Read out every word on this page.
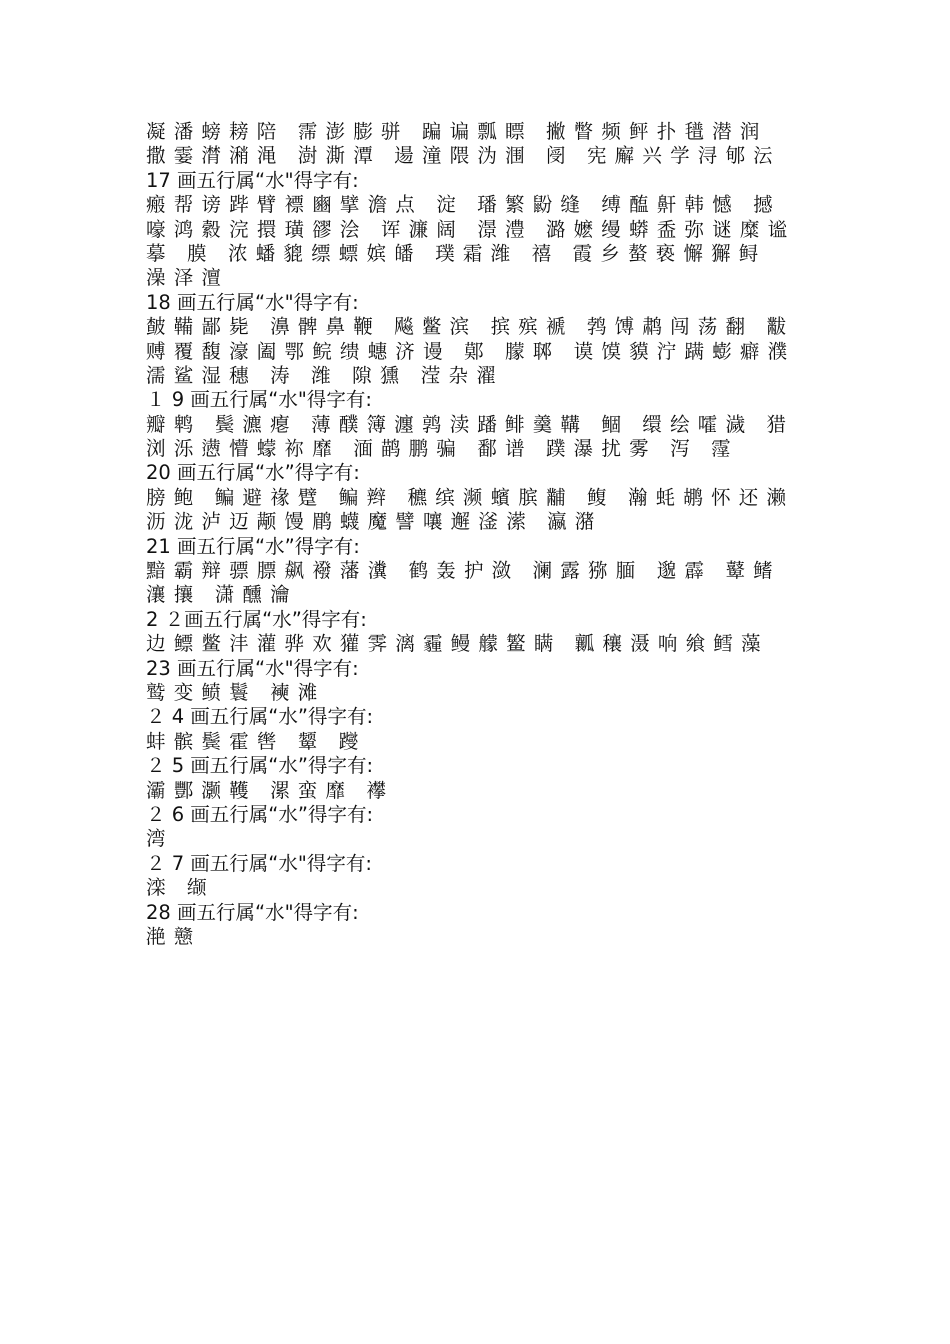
凝 潘 螃 耪 陪　霈 澎 膨 骈　蹁 谝 瓢 瞟　撇 瞥 频 鲆 扑 氆 潜 润
撒 霎 潸 潲 渑　澍 澌 潭　逿 潼 隈 沩 涠　阌　宪 廨 兴 学 浔 郇 沄
17 画五行属“水"得字有:
瘢 帮 谤 跸 臂 褾 豳 擘 澹 点　淀　璠 繁 鼢 缝　缚 醢 鼾 韩 憾　撼
嚎 鸿 縠 浣 擐 璜 豂 浍　诨 濂 阔　澋 澧　潞 嬷 缦 蟒 盉 弥 谜 糜 谧
摹　膜　浓 蟠 貔 缥 螵 嫔 皤　璞 霜 潍　禧　霞 乡 螯 亵 懈 獬 鲟
澡 泽 澶
18 画五行属“水"得字有:
皶 鞴 鄙 毙　濞 髀 鼻 鞭　飚 鳖 滨　摈 殡 褫　鹁 馎 鹔 闯 荡 翻　黻
赙 覆 馥 濠 阖 鄂 鲩 缋 蟪 济 谩　鄚　朦 郰　谟 馍 貘 泞 蹒 蟛 癖 濮
濡 鲨 湿 穗　涛　潍　隙 獯　滢 杂 濯
１ 9 画五行属“水"得字有:
瓣 鹎　鬓 瀌 瘪　薄 醭 簿 瀍 鹑 渎 蹯 鲱 羹 鞲　鲴　缳 绘 嚯 濊　猎
浏 泺 懑 懵 蠓 祢 靡　湎 鹋 鹏 骗　鄱 谱　蹼 瀑 扰 雾　泻　霪
20 画五行属“水”得字有:
膀 鲍　鳊 避 禒 躄　鳊 辫　穮 缤 濒 蠙 膑 黼　鳆　瀚 蚝 鹕 怀 还 濑
沥 泷 泸 迈 颟 馒 鹛 蠛 魔 譬 嚷 邂 滏 潆　瀛 潴
21 画五行属“水”得字有:
黯 霸 辩 骠 膘 飙 襏 藩 瀵　鹤 轰 护 潋　澜 露 猕 腼　邈 霹　鼙 鳍
瀼 攘　潇 醺 瀹
2 ２画五行属“水”得字有:
边 鳔 鳖 沣 灌 骅 欢 獾 霁 漓 霾 鳗 艨 鳘 瞒　瓤 穰 滠 响 飨 鳕 藻
23 画五行属“水"得字有:
鹫 变 鲼 鬟　襫 滩
２ 4 画五行属“水”得字有:
蚌 髌 鬓 霍 辔　颦　躞
２ 5 画五行属“水”得字有:
灞 酆 灏 韄　漯 蛮 靡　襻
２ 6 画五行属“水”得字有:
湾
２ 7 画五行属“水"得字有:
滦　缬
28 画五行属“水"得字有:
滟 戆
